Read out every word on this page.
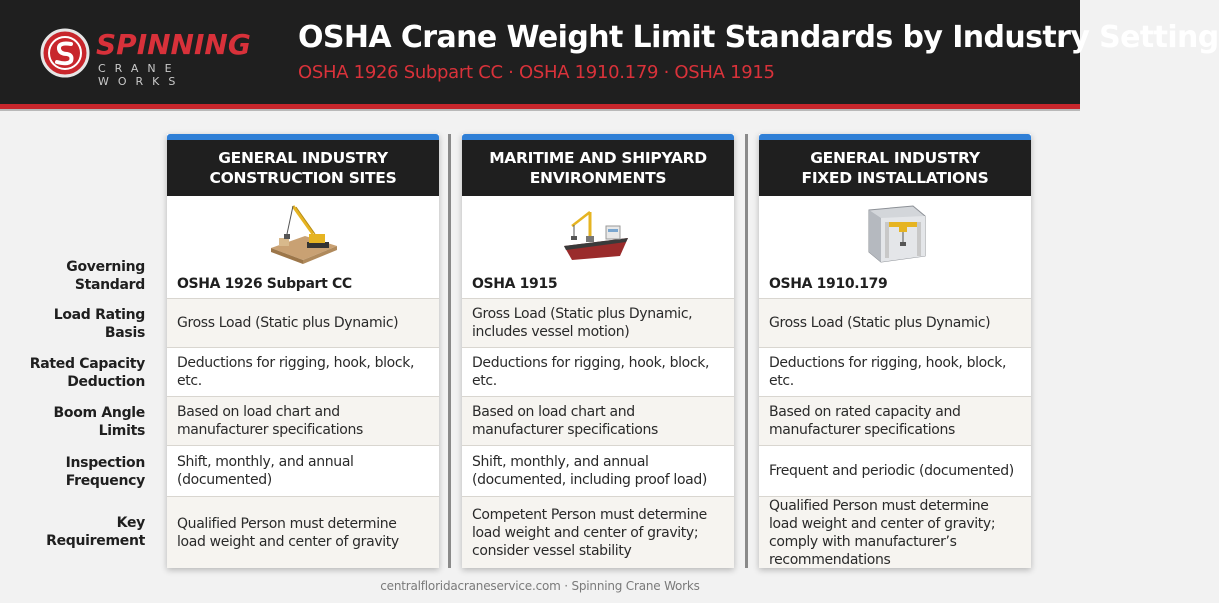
SPINNING
CRANE WORKS
OSHA Crane Weight Limit Standards by Industry Setting
OSHA 1926 Subpart CC · OSHA 1910.179 · OSHA 1915
Governing
Standard
Load Rating
Basis
Rated Capacity
Deduction
Boom Angle
Limits
Inspection
Frequency
Key
Requirement
GENERAL INDUSTRY
CONSTRUCTION SITES
OSHA 1926 Subpart CC
Gross Load (Static plus Dynamic)
Deductions for rigging, hook, block, etc.
Based on load chart and manufacturer specifications
Shift, monthly, and annual (documented)
Qualified Person must determine load weight and center of gravity
MARITIME AND SHIPYARD
ENVIRONMENTS
OSHA 1915
Gross Load (Static plus Dynamic, includes vessel motion)
Deductions for rigging, hook, block, etc.
Based on load chart and manufacturer specifications
Shift, monthly, and annual (documented, including proof load)
Competent Person must determine load weight and center of gravity; consider vessel stability
GENERAL INDUSTRY
FIXED INSTALLATIONS
OSHA 1910.179
Gross Load (Static plus Dynamic)
Deductions for rigging, hook, block, etc.
Based on rated capacity and manufacturer specifications
Frequent and periodic (documented)
Qualified Person must determine load weight and center of gravity; comply with manufacturer’s recommendations
centralfloridacraneservice.com · Spinning Crane Works
